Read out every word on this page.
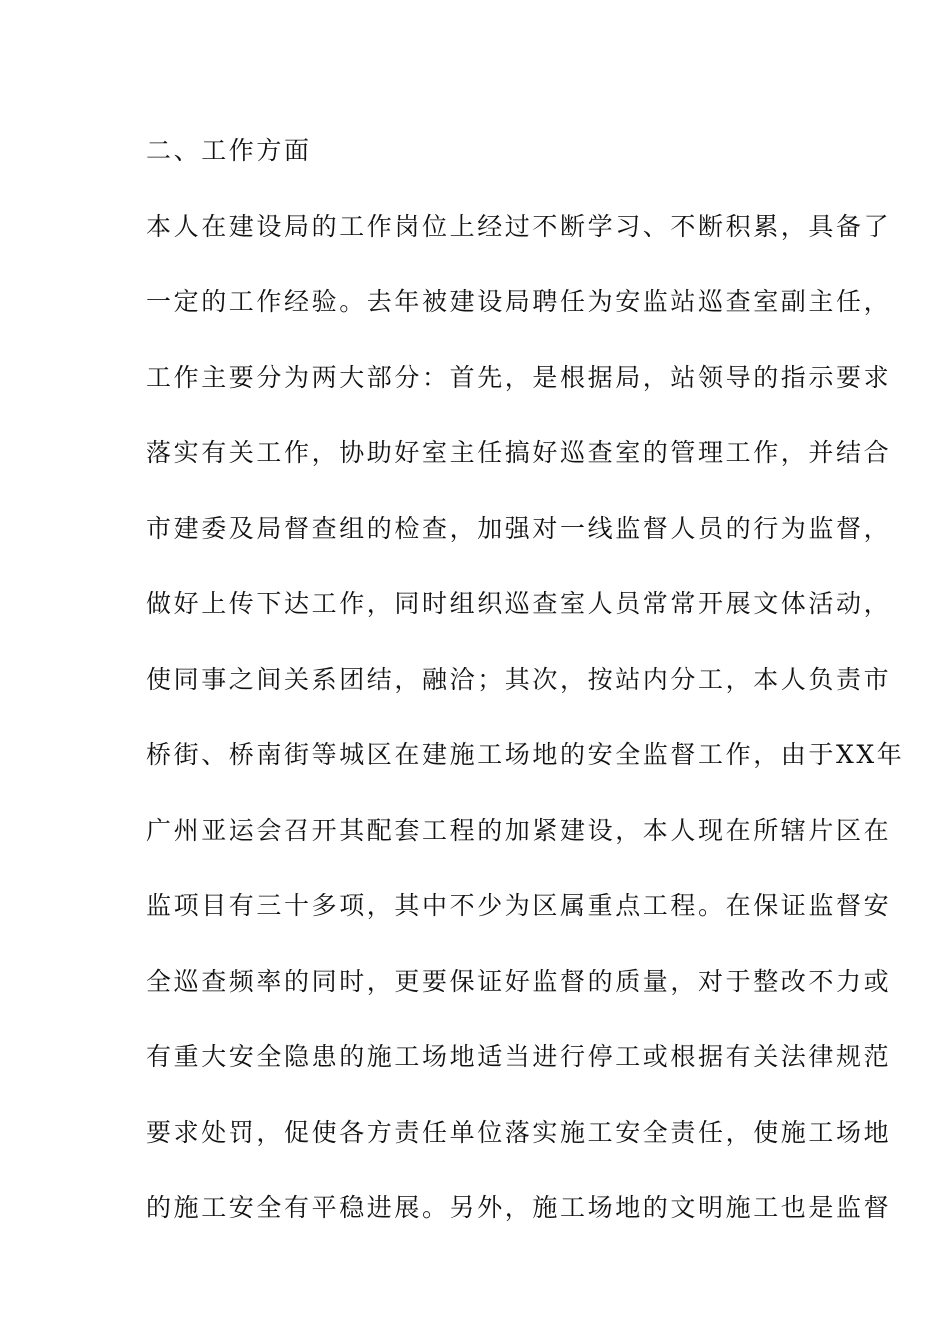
二、工作方面
本人在建设局的工作岗位上经过不断学习、不断积累，具备了
一定的工作经验。去年被建设局聘任为安监站巡查室副主任，
工作主要分为两大部分：首先，是根据局，站领导的指示要求
落实有关工作，协助好室主任搞好巡查室的管理工作，并结合
市建委及局督查组的检查，加强对一线监督人员的行为监督，
做好上传下达工作，同时组织巡查室人员常常开展文体活动，
使同事之间关系团结，融洽；其次，按站内分工，本人负责市
桥街、桥南街等城区在建施工场地的安全监督工作，由于XX年
广州亚运会召开其配套工程的加紧建设，本人现在所辖片区在
监项目有三十多项，其中不少为区属重点工程。在保证监督安
全巡查频率的同时，更要保证好监督的质量，对于整改不力或
有重大安全隐患的施工场地适当进行停工或根据有关法律规范
要求处罚，促使各方责任单位落实施工安全责任，使施工场地
的施工安全有平稳进展。另外，施工场地的文明施工也是监督
